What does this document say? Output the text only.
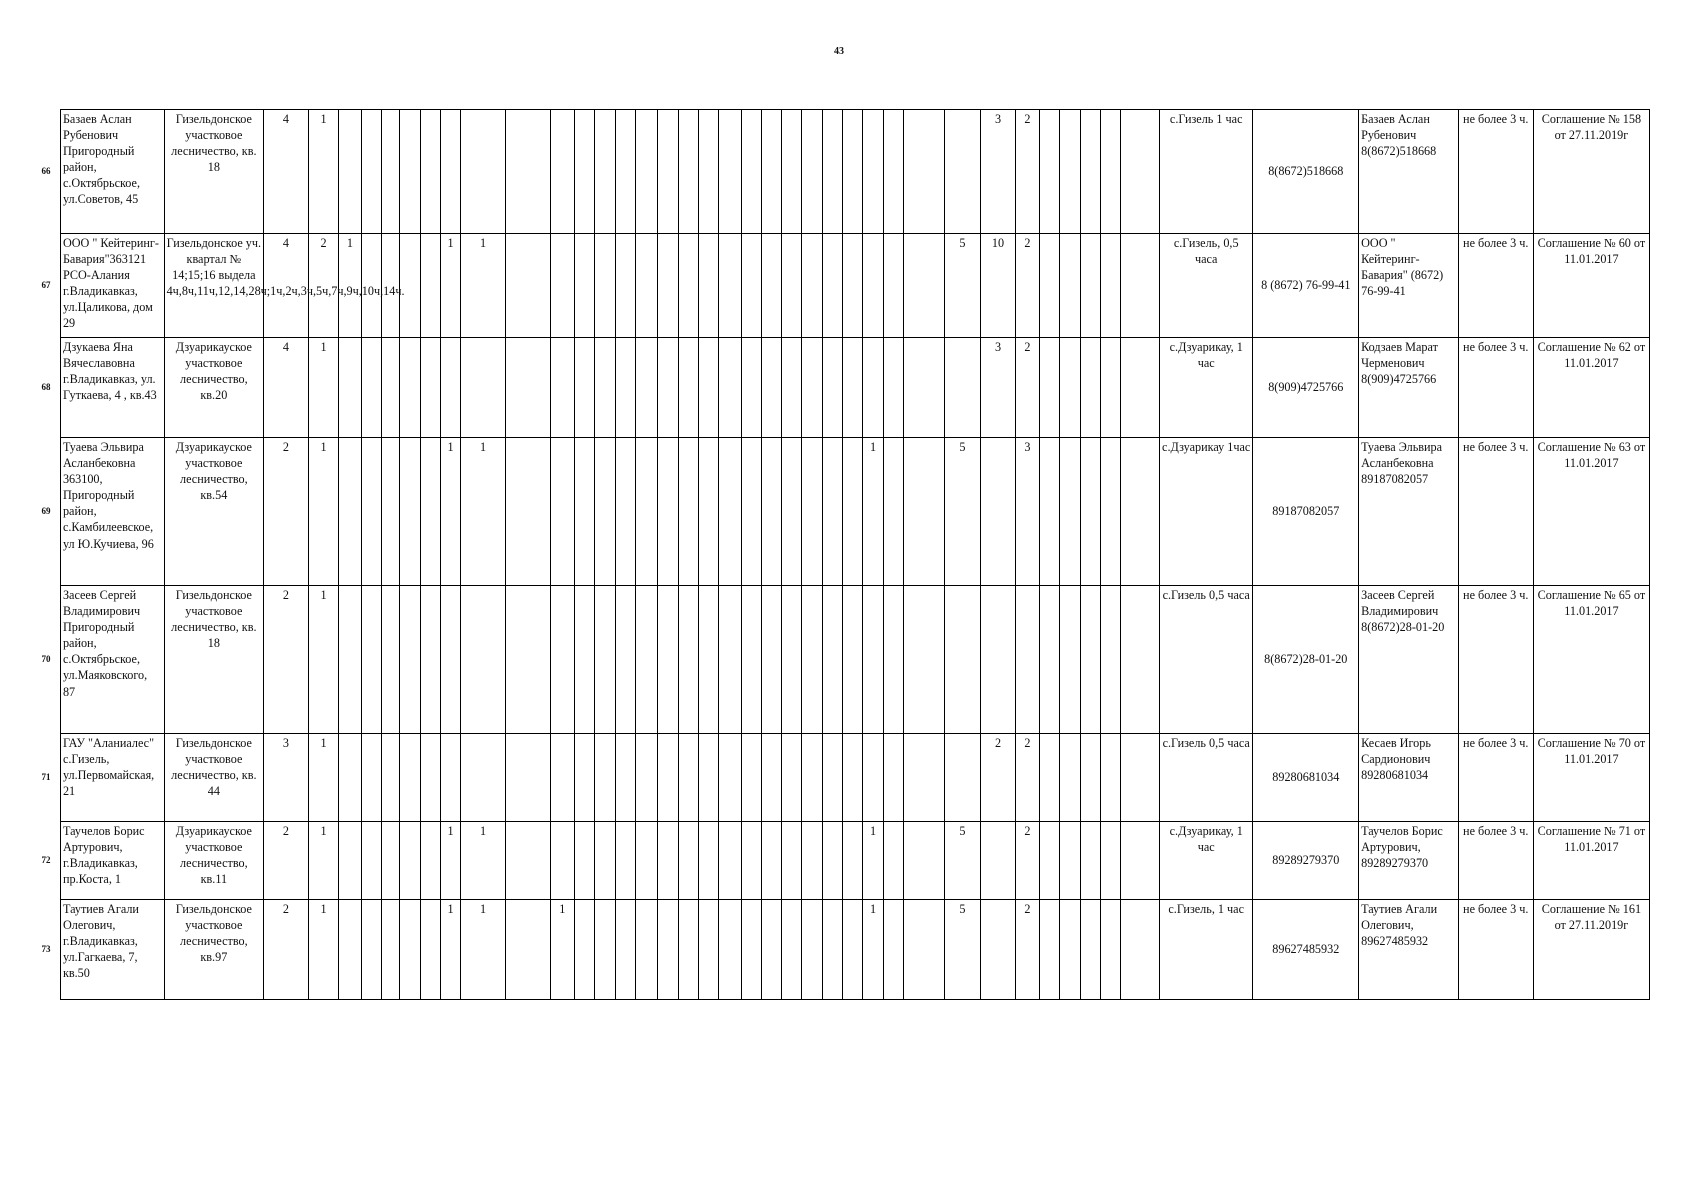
43
66	Базаев Аслан Рубенович Пригородный район, с.Октябрьское, ул.Советов, 45	Гизельдонское участковое лесничество, кв. 18	4	1																												3	2						с.Гизель 1 час	8(8672)518668	Базаев Аслан Рубенович 8(8672)518668	не более 3 ч.	Соглашение № 158 от 27.11.2019г
67	ООО " Кейтеринг-Бавария"363121 РСО-Алания г.Владикавказ, ул.Цаликова, дом 29	Гизельдонское уч. квартал № 14;15;16 выдела 4ч,8ч,11ч,12,14,28ч;1ч,2ч,3ч,5ч,7ч,9ч,10ч,14ч.	4	2	1					1	1																				5	10	2						с.Гизель, 0,5 часа	8 (8672) 76-99-41	ООО " Кейтеринг-Бавария" (8672) 76-99-41	не более 3 ч.	Соглашение № 60 от 11.01.2017
68	Дзукаева Яна Вячеславовна г.Владикавказ, ул. Гуткаева, 4 , кв.43	Дзуарикауское участковое лесничество, кв.20	4	1																												3	2						с.Дзуарикау, 1 час	8(909)4725766	Кодзаев Марат Черменович 8(909)4725766	не более 3 ч.	Соглашение № 62 от 11.01.2017
69	Туаева Эльвира Асланбековна 363100, Пригородный район, с.Камбилеевское, ул Ю.Кучиева, 96	Дзуарикауское участковое лесничество, кв.54	2	1						1	1																	1			5		3						с.Дзуарикау 1час	89187082057	Туаева Эльвира Асланбековна 89187082057	не более 3 ч.	Соглашение № 63 от 11.01.2017
70	Засеев Сергей Владимирович Пригородный район, с.Октябрьское, ул.Маяковского, 87	Гизельдонское участковое лесничество, кв. 18	2	1																																			с.Гизель 0,5 часа	8(8672)28-01-20	Засеев Сергей Владимирович 8(8672)28-01-20	не более 3 ч.	Соглашение № 65 от 11.01.2017
71	ГАУ "Аланиалес" с.Гизель, ул.Первомайская, 21	Гизельдонское участковое лесничество, кв. 44	3	1																												2	2						с.Гизель 0,5 часа	89280681034	Кесаев Игорь Сардионович 89280681034	не более 3 ч.	Соглашение № 70 от 11.01.2017
72	Таучелов Борис Артурович, г.Владикавказ, пр.Коста, 1	Дзуарикауское участковое лесничество, кв.11	2	1						1	1																	1			5		2						с.Дзуарикау, 1 час	89289279370	Таучелов Борис Артурович, 89289279370	не более 3 ч.	Соглашение № 71 от 11.01.2017
73	Таутиев Агали Олегович, г.Владикавказ, ул.Гагкаева, 7, кв.50	Гизельдонское участковое лесничество, кв.97	2	1						1	1		1															1			5		2						с.Гизель, 1 час	89627485932	Таутиев Агали Олегович, 89627485932	не более 3 ч.	Соглашение № 161 от 27.11.2019г
